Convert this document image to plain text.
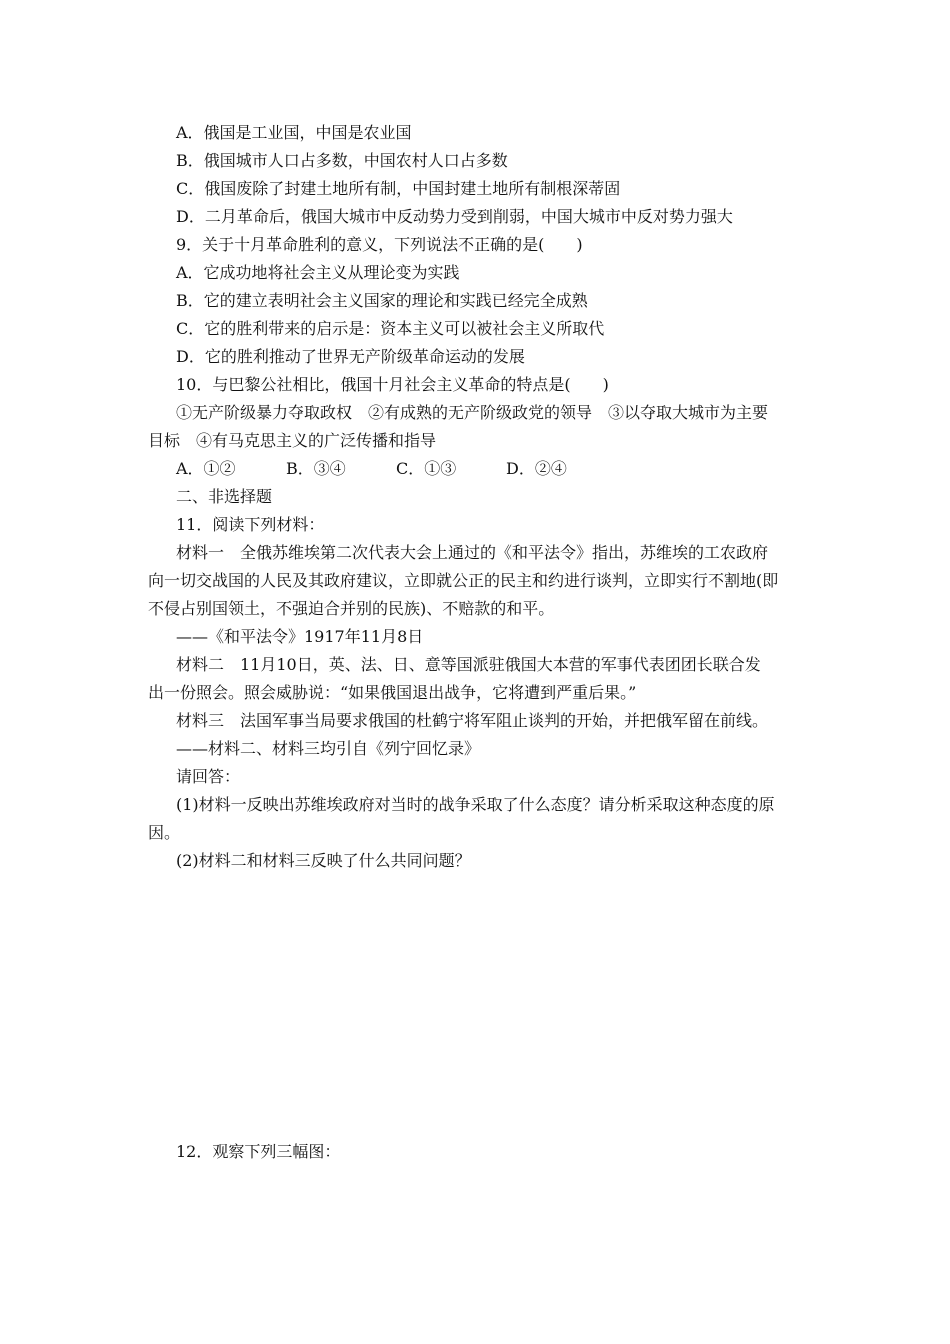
A．俄国是工业国，中国是农业国
B．俄国城市人口占多数，中国农村人口占多数
C．俄国废除了封建土地所有制，中国封建土地所有制根深蒂固
D．二月革命后，俄国大城市中反动势力受到削弱，中国大城市中反对势力强大
9．关于十月革命胜利的意义，下列说法不正确的是(　　)
A．它成功地将社会主义从理论变为实践
B．它的建立表明社会主义国家的理论和实践已经完全成熟
C．它的胜利带来的启示是：资本主义可以被社会主义所取代
D．它的胜利推动了世界无产阶级革命运动的发展
10．与巴黎公社相比，俄国十月社会主义革命的特点是(　　)
①无产阶级暴力夺取政权　②有成熟的无产阶级政党的领导　③以夺取大城市为主要
目标　④有马克思主义的广泛传播和指导
A．①②	B．③④	C．①③	D．②④
二、非选择题
11．阅读下列材料：
材料一　全俄苏维埃第二次代表大会上通过的《和平法令》指出，苏维埃的工农政府
向一切交战国的人民及其政府建议，立即就公正的民主和约进行谈判，立即实行不割地(即
不侵占别国领土，不强迫合并别的民族)、不赔款的和平。
——《和平法令》1917年11月8日
材料二　11月10日，英、法、日、意等国派驻俄国大本营的军事代表团团长联合发
出一份照会。照会威胁说：“如果俄国退出战争，它将遭到严重后果。”
材料三　法国军事当局要求俄国的杜鹤宁将军阻止谈判的开始，并把俄军留在前线。
——材料二、材料三均引自《列宁回忆录》
请回答：
(1)材料一反映出苏维埃政府对当时的战争采取了什么态度？请分析采取这种态度的原
因。
(2)材料二和材料三反映了什么共同问题？
12．观察下列三幅图：
